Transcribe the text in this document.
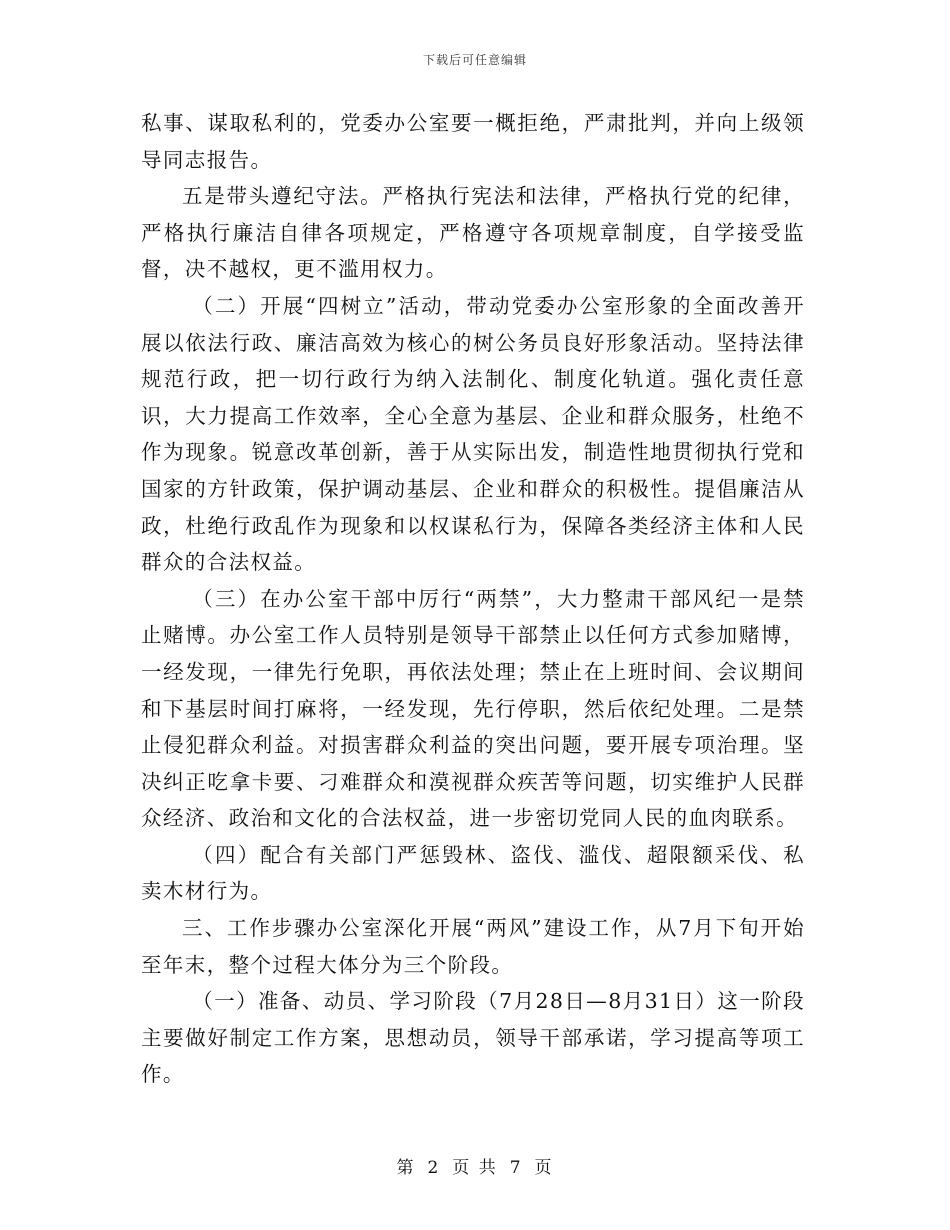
下载后可任意编辑

私事、谋取私利的，党委办公室要一概拒绝，严肃批判，并向上级领导同志报告。

五是带头遵纪守法。严格执行宪法和法律，严格执行党的纪律，严格执行廉洁自律各项规定，严格遵守各项规章制度，自学接受监督，决不越权，更不滥用权力。

（二）开展“四树立”活动，带动党委办公室形象的全面改善开展以依法行政、廉洁高效为核心的树公务员良好形象活动。坚持法律规范行政，把一切行政行为纳入法制化、制度化轨道。强化责任意识，大力提高工作效率，全心全意为基层、企业和群众服务，杜绝不作为现象。锐意改革创新，善于从实际出发，制造性地贯彻执行党和国家的方针政策，保护调动基层、企业和群众的积极性。提倡廉洁从政，杜绝行政乱作为现象和以权谋私行为，保障各类经济主体和人民群众的合法权益。

（三）在办公室干部中厉行“两禁”，大力整肃干部风纪一是禁止赌博。办公室工作人员特别是领导干部禁止以任何方式参加赌博，一经发现，一律先行免职，再依法处理；禁止在上班时间、会议期间和下基层时间打麻将，一经发现，先行停职，然后依纪处理。二是禁止侵犯群众利益。对损害群众利益的突出问题，要开展专项治理。坚决纠正吃拿卡要、刁难群众和漠视群众疾苦等问题，切实维护人民群众经济、政治和文化的合法权益，进一步密切党同人民的血肉联系。

（四）配合有关部门严惩毁林、盗伐、滥伐、超限额采伐、私卖木材行为。

三、工作步骤办公室深化开展“两风”建设工作，从7月下旬开始至年末，整个过程大体分为三个阶段。

（一）准备、动员、学习阶段（7月28日—8月31日）这一阶段主要做好制定工作方案，思想动员，领导干部承诺，学习提高等项工作。

第 2 页 共 7 页
